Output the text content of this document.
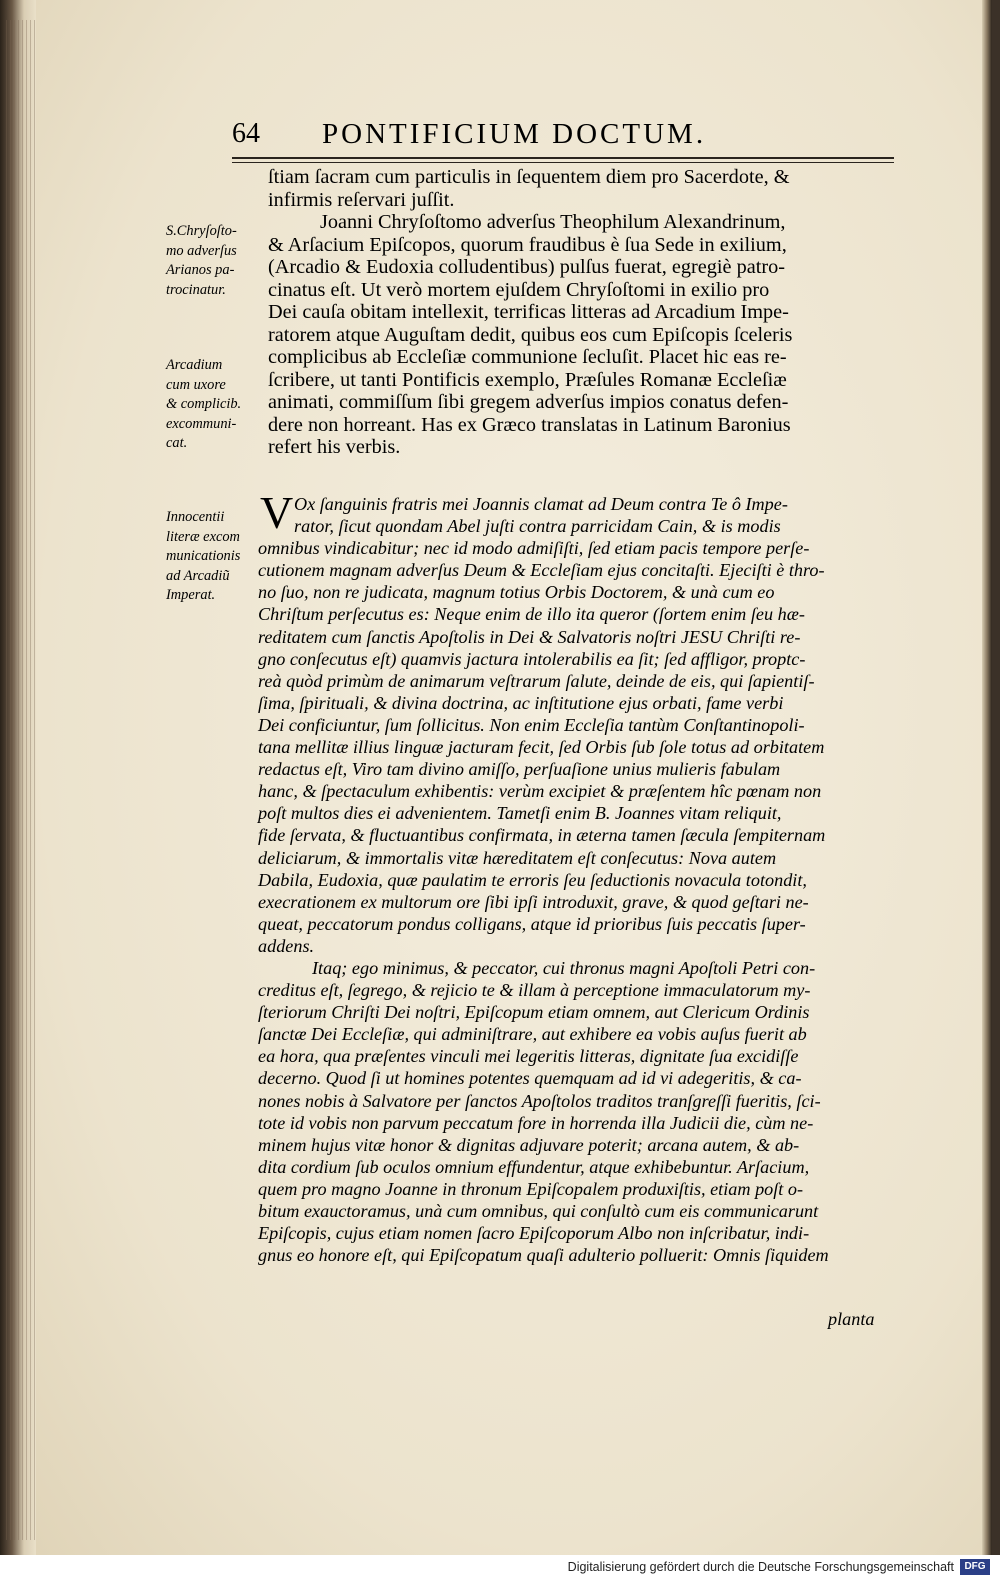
64 PONTIFICIUM DOCTUM.
S.Chryſoſto-
mo adverſus
Arianos pa-
trocinatur.
Arcadium
cum uxore
& complicib.
excommuni-
cat.
Innocentii
literæ excom
municationis
ad Arcadiũ
Imperat.
ſtiam ſacram cum particulis in ſequentem diem pro Sacerdote, &
infirmis reſervari juſſit.
Joanni Chryſoſtomo adverſus Theophilum Alexandrinum,
& Arſacium Epiſcopos, quorum fraudibus è ſua Sede in exilium,
(Arcadio & Eudoxia colludentibus) pulſus fuerat, egregiè patro-
cinatus eſt. Ut verò mortem ejuſdem Chryſoſtomi in exilio pro
Dei cauſa obitam intellexit, terrificas litteras ad Arcadium Impe-
ratorem atque Auguſtam dedit, quibus eos cum Epiſcopis ſceleris
complicibus ab Eccleſiæ communione ſecluſit. Placet hic eas re-
ſcribere, ut tanti Pontificis exemplo, Præſules Romanæ Eccleſiæ
animati, commiſſum ſibi gregem adverſus impios conatus defen-
dere non horreant. Has ex Græco translatas in Latinum Baronius
refert his verbis.
V Ox ſanguinis fratris mei Joannis clamat ad Deum contra Te ô Impe-
rator, ſicut quondam Abel juſti contra parricidam Cain, & is modis
omnibus vindicabitur; nec id modo admiſiſti, ſed etiam pacis tempore perſe-
cutionem magnam adverſus Deum & Eccleſiam ejus concitaſti. Ejeciſti è thro-
no ſuo, non re judicata, magnum totius Orbis Doctorem, & unà cum eo
Chriſtum perſecutus es: Neque enim de illo ita queror (ſortem enim ſeu hæ-
reditatem cum ſanctis Apoſtolis in Dei & Salvatoris noſtri JESU Chriſti re-
gno conſecutus eſt) quamvis jactura intolerabilis ea ſit; ſed affligor, proptc-
reà quòd primùm de animarum veſtrarum ſalute, deinde de eis, qui ſapientiſ-
ſima, ſpirituali, & divina doctrina, ac inſtitutione ejus orbati, fame verbi
Dei conficiuntur, ſum ſollicitus. Non enim Eccleſia tantùm Conſtantinopoli-
tana mellitæ illius linguæ jacturam fecit, ſed Orbis ſub ſole totus ad orbitatem
redactus eſt, Viro tam divino amiſſo, perſuaſione unius mulieris fabulam
hanc, & ſpectaculum exhibentis: verùm excipiet & præſentem hîc pœnam non
poſt multos dies ei advenientem. Tametſi enim B. Joannes vitam reliquit,
fide ſervata, & fluctuantibus confirmata, in æterna tamen ſæcula ſempiternam
deliciarum, & immortalis vitæ hæreditatem eſt conſecutus: Nova autem
Dabila, Eudoxia, quæ paulatim te erroris ſeu ſeductionis novacula totondit,
execrationem ex multorum ore ſibi ipſi introduxit, grave, & quod geſtari ne-
queat, peccatorum pondus colligans, atque id prioribus ſuis peccatis ſuper-
addens.
Itaq; ego minimus, & peccator, cui thronus magni Apoſtoli Petri con-
creditus eſt, ſegrego, & rejicio te & illam à perceptione immaculatorum my-
ſteriorum Chriſti Dei noſtri, Epiſcopum etiam omnem, aut Clericum Ordinis
ſanctæ Dei Eccleſiæ, qui adminiſtrare, aut exhibere ea vobis auſus fuerit ab
ea hora, qua præſentes vinculi mei legeritis litteras, dignitate ſua excidiſſe
decerno. Quod ſi ut homines potentes quemquam ad id vi adegeritis, & ca-
nones nobis à Salvatore per ſanctos Apoſtolos traditos tranſgreſſi fueritis, ſci-
tote id vobis non parvum peccatum fore in horrenda illa Judicii die, cùm ne-
minem hujus vitæ honor & dignitas adjuvare poterit; arcana autem, & ab-
dita cordium ſub oculos omnium effundentur, atque exhibebuntur. Arſacium,
quem pro magno Joanne in thronum Epiſcopalem produxiſtis, etiam poſt o-
bitum exauctoramus, unà cum omnibus, qui conſultò cum eis communicarunt
Epiſcopis, cujus etiam nomen ſacro Epiſcoporum Albo non inſcribatur, indi-
gnus eo honore eſt, qui Epiſcopatum quaſi adulterio polluerit: Omnis ſiquidem
planta
Digitalisierung gefördert durch die Deutsche Forschungsgemeinschaft	DFG
